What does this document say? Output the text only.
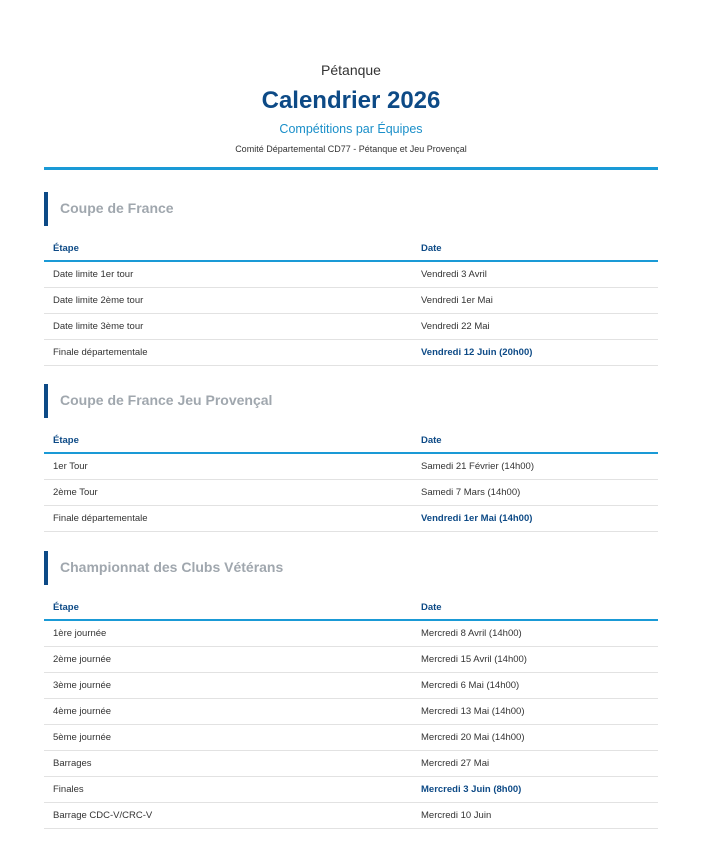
Pétanque
Calendrier 2026
Compétitions par Équipes
Comité Départemental CD77 - Pétanque et Jeu Provençal
Coupe de France
Étape	Date
Date limite 1er tour	Vendredi 3 Avril
Date limite 2ème tour	Vendredi 1er Mai
Date limite 3ème tour	Vendredi 22 Mai
Finale départementale	Vendredi 12 Juin (20h00)
Coupe de France Jeu Provençal
Étape	Date
1er Tour	Samedi 21 Février (14h00)
2ème Tour	Samedi 7 Mars (14h00)
Finale départementale	Vendredi 1er Mai (14h00)
Championnat des Clubs Vétérans
Étape	Date
1ère journée	Mercredi 8 Avril (14h00)
2ème journée	Mercredi 15 Avril (14h00)
3ème journée	Mercredi 6 Mai (14h00)
4ème journée	Mercredi 13 Mai (14h00)
5ème journée	Mercredi 20 Mai (14h00)
Barrages	Mercredi 27 Mai
Finales	Mercredi 3 Juin (8h00)
Barrage CDC-V/CRC-V	Mercredi 10 Juin
